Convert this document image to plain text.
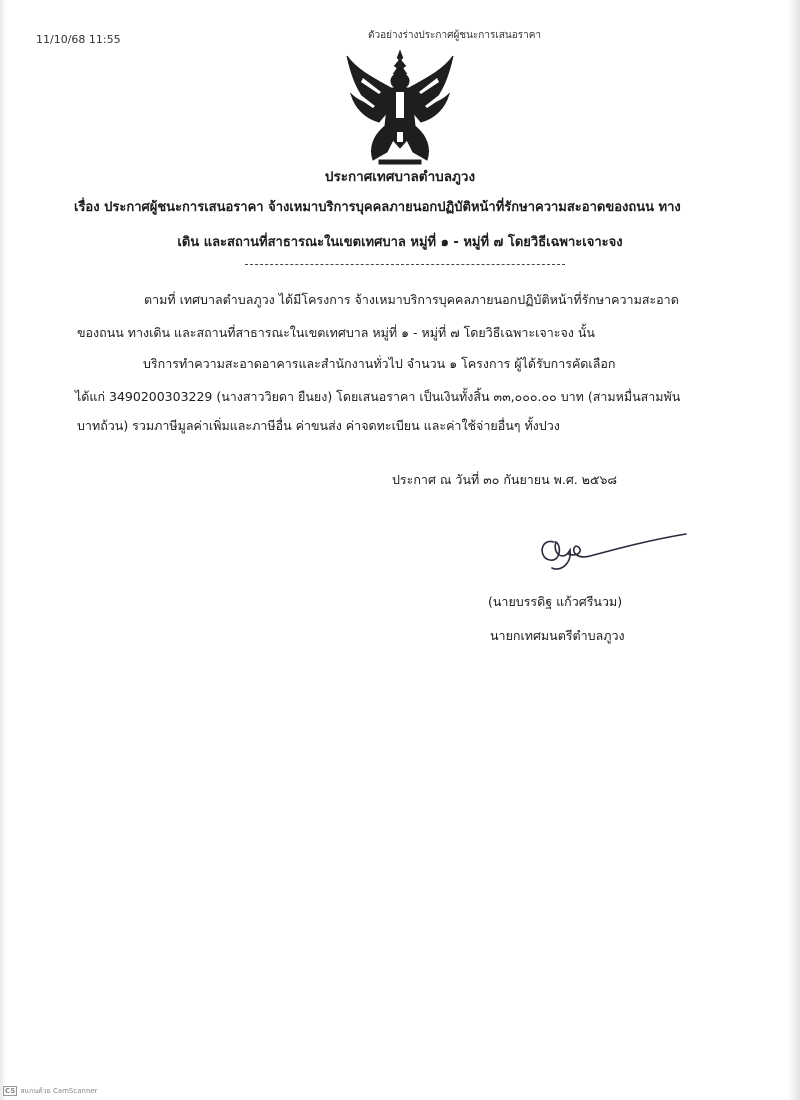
11/10/68 11:55	ตัวอย่างร่างประกาศผู้ชนะการเสนอราคา
ประกาศเทศบาลตำบลภูวง
เรื่อง ประกาศผู้ชนะการเสนอราคา จ้างเหมาบริการบุคคลภายนอกปฏิบัติหน้าที่รักษาความสะอาดของถนน ทาง
เดิน และสถานที่สาธารณะในเขตเทศบาล หมู่ที่ ๑ - หมู่ที่ ๗ โดยวิธีเฉพาะเจาะจง
ตามที่ เทศบาลตำบลภูวง ได้มีโครงการ จ้างเหมาบริการบุคคลภายนอกปฏิบัติหน้าที่รักษาความสะอาด
ของถนน ทางเดิน และสถานที่สาธารณะในเขตเทศบาล หมู่ที่ ๑ - หมู่ที่ ๗ โดยวิธีเฉพาะเจาะจง นั้น
บริการทำความสะอาดอาคารและสำนักงานทั่วไป จำนวน ๑ โครงการ ผู้ได้รับการคัดเลือก
ได้แก่ 3490200303229 (นางสาววิยดา ยืนยง) โดยเสนอราคา เป็นเงินทั้งสิ้น ๓๓,๐๐๐.๐๐ บาท (สามหมื่นสามพัน
บาทถ้วน) รวมภาษีมูลค่าเพิ่มและภาษีอื่น ค่าขนส่ง ค่าจดทะเบียน และค่าใช้จ่ายอื่นๆ ทั้งปวง
ประกาศ ณ วันที่ ๓๐ กันยายน พ.ศ. ๒๕๖๘
(นายบรรดิฐ แก้วศรีนวม)
นายกเทศมนตรีตำบลภูวง
CS สแกนด้วย CamScanner
